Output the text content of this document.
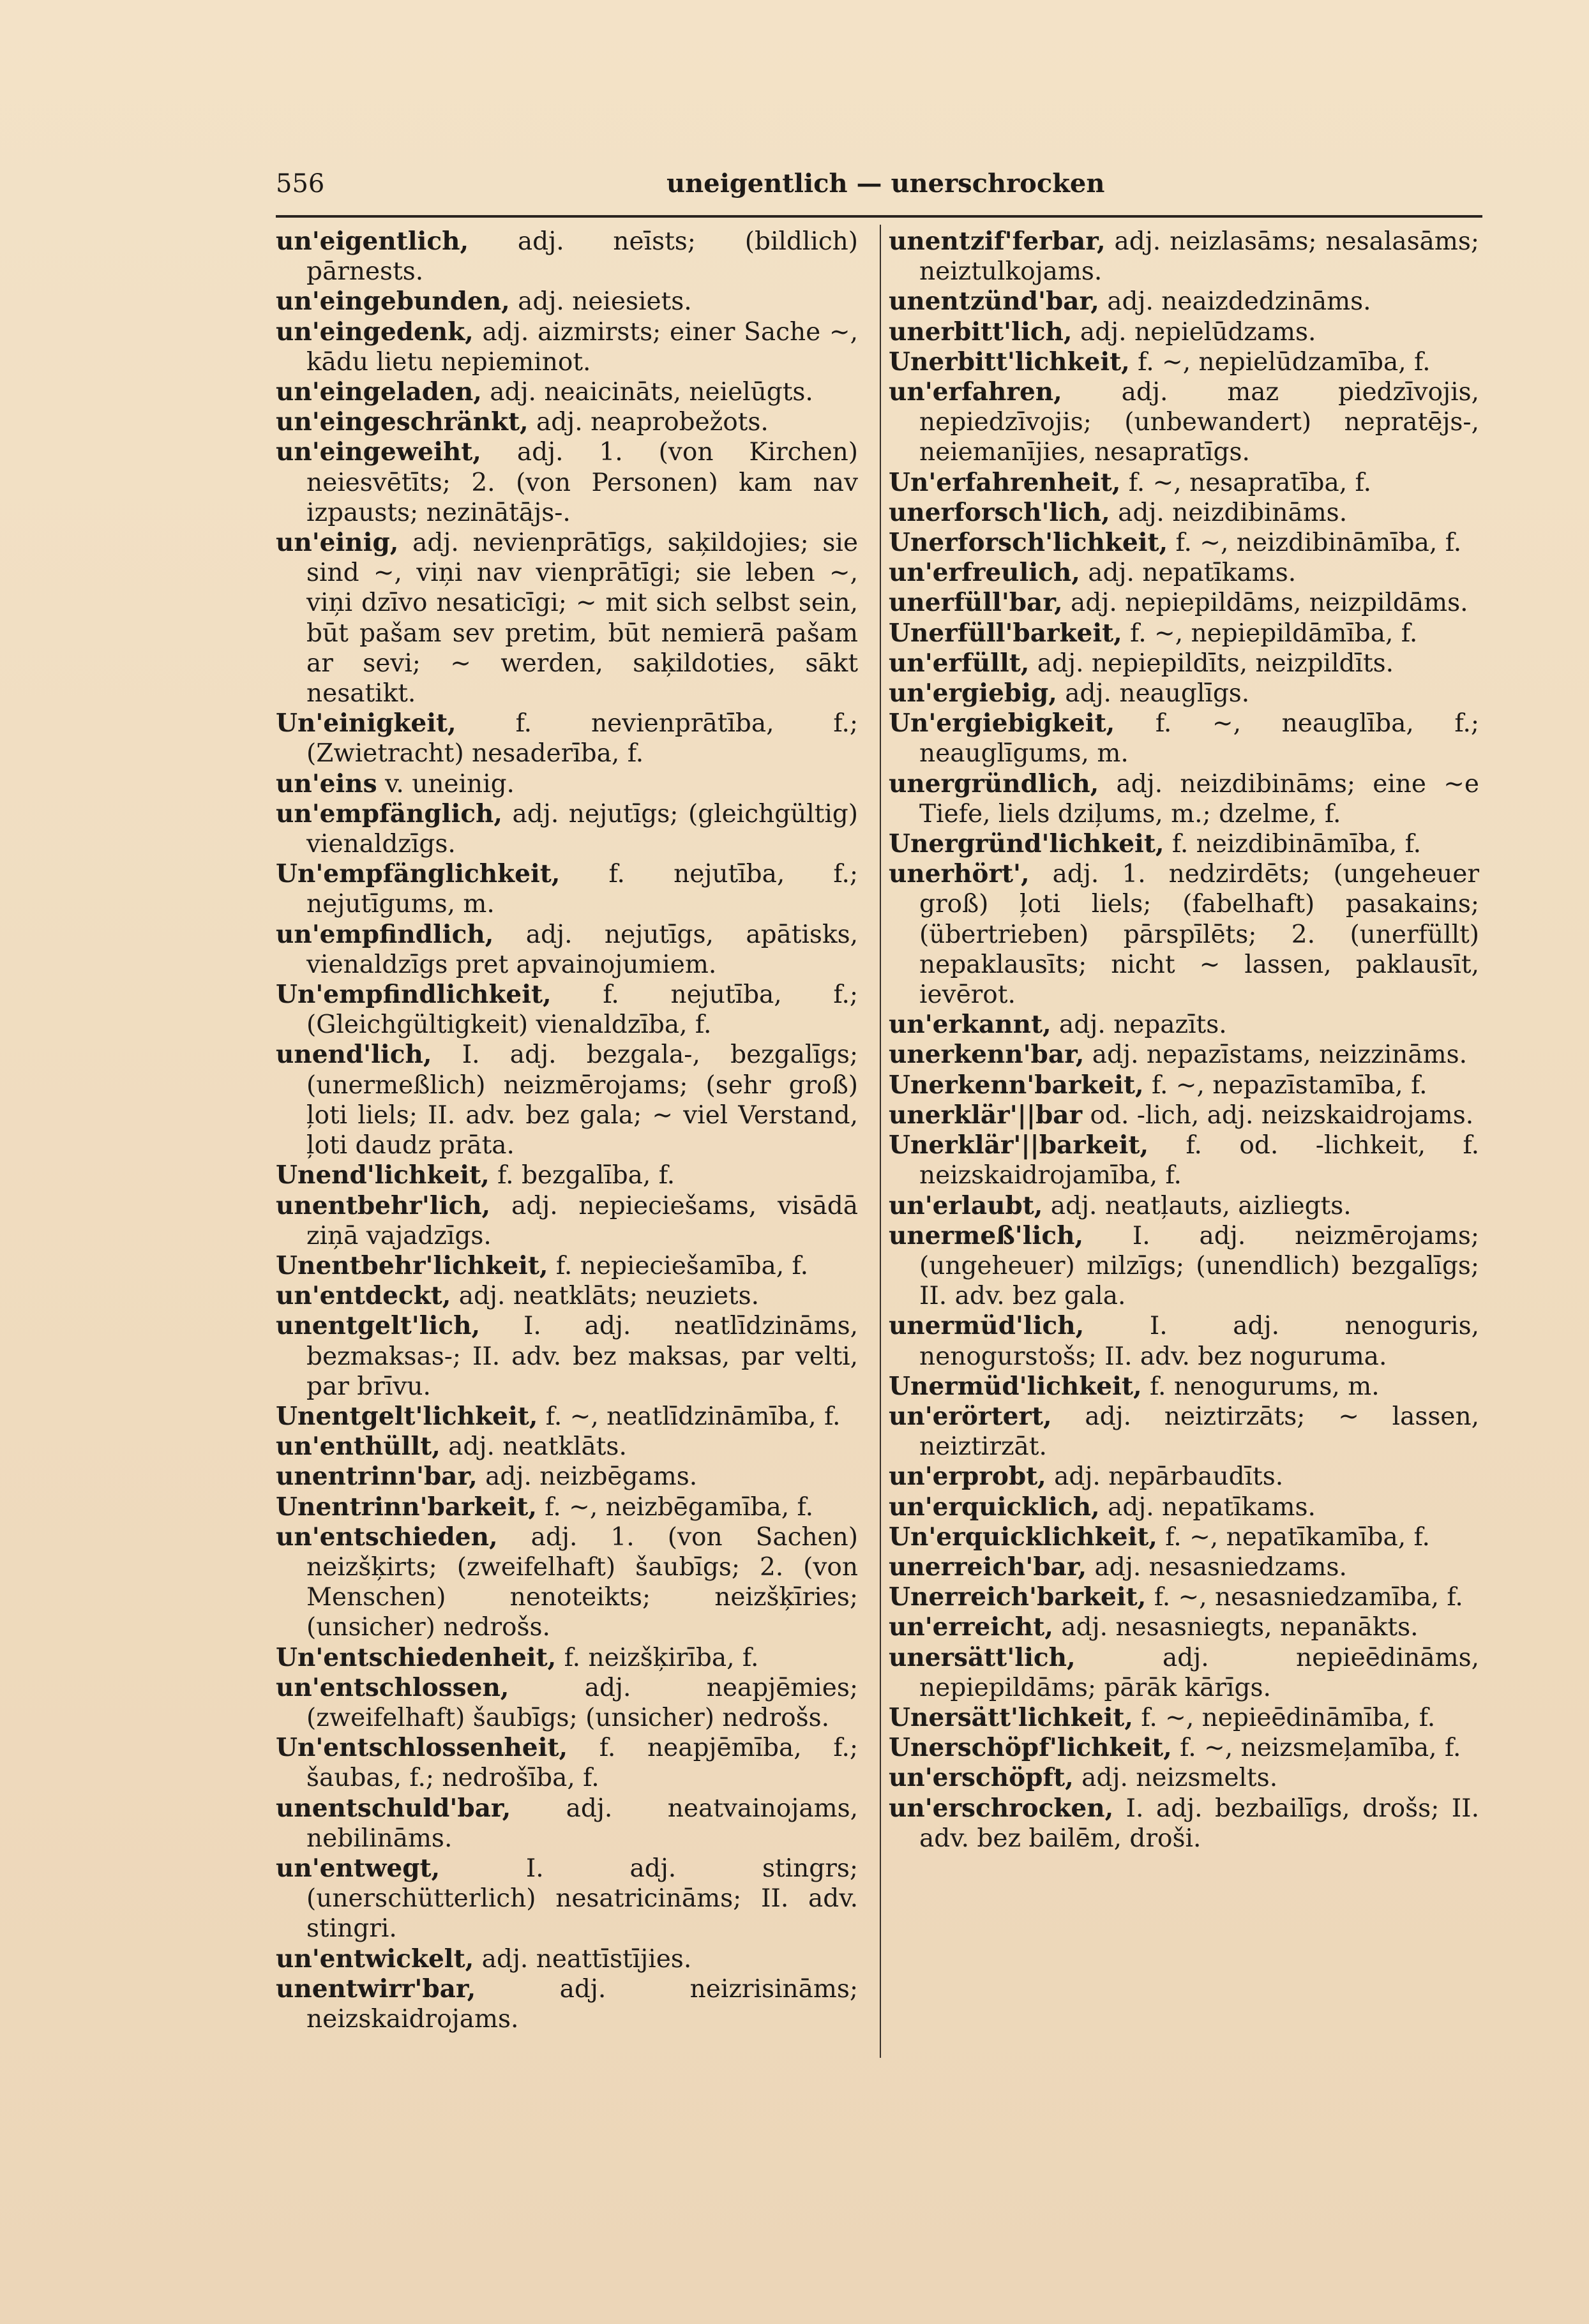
556	uneigentlich — unerschrocken
un'eigentlich, adj. neīsts; (bildlich) pārnests.
un'eingebunden, adj. neiesiets.
un'eingedenk, adj. aizmirsts; einer Sache ~, kādu lietu nepieminot.
un'eingeladen, adj. neaicināts, neielūgts.
un'eingeschränkt, adj. neaprobežots.
un'eingeweiht, adj. 1. (von Kirchen) neiesvētīts; 2. (von Personen) kam nav izpausts; nezinātājs-.
un'einig, adj. nevienprātīgs, saķildojies; sie sind ~, viņi nav vienprātīgi; sie leben ~, viņi dzīvo nesaticīgi; ~ mit sich selbst sein, būt pašam sev pretim, būt nemierā pašam ar sevi; ~ werden, saķildoties, sākt nesatikt.
Un'einigkeit, f. nevienprātība, f.; (Zwietracht) nesaderība, f.
un'eins v. uneinig.
un'empfänglich, adj. nejutīgs; (gleichgültig) vienaldzīgs.
Un'empfänglichkeit, f. nejutība, f.; nejutīgums, m.
un'empfindlich, adj. nejutīgs, apātisks, vienaldzīgs pret apvainojumiem.
Un'empfindlichkeit, f. nejutība, f.; (Gleichgültigkeit) vienaldzība, f.
unend'lich, I. adj. bezgala-, bezgalīgs; (unermeßlich) neizmērojams; (sehr groß) ļoti liels; II. adv. bez gala; ~ viel Verstand, ļoti daudz prāta.
Unend'lichkeit, f. bezgalība, f.
unentbehr'lich, adj. nepieciešams, visādā ziņā vajadzīgs.
Unentbehr'lichkeit, f. nepieciešamība, f.
un'entdeckt, adj. neatklāts; neuziets.
unentgelt'lich, I. adj. neatlīdzināms, bezmaksas-; II. adv. bez maksas, par velti, par brīvu.
Unentgelt'lichkeit, f. ~, neatlīdzināmība, f.
un'enthüllt, adj. neatklāts.
unentrinn'bar, adj. neizbēgams.
Unentrinn'barkeit, f. ~, neizbēgamība, f.
un'entschieden, adj. 1. (von Sachen) neizšķirts; (zweifelhaft) šaubīgs; 2. (von Menschen) nenoteikts; neizšķīries; (unsicher) nedrošs.
Un'entschiedenheit, f. neizšķirība, f.
un'entschlossen,	adj. neapjēmies; (zweifelhaft) šaubīgs; (unsicher) nedrošs.
Un'entschlossenheit, f. neapjēmība, f.; šaubas, f.; nedrošība, f.
unentschuld'bar, adj. neatvainojams, nebilināms.
un'entwegt,	I. adj. stingrs; (unerschütterlich) nesatricināms; II. adv. stingri.
un'entwickelt, adj. neattīstījies.
unentwirr'bar,	adj. neizrisināms; neizskaidrojams.
unentzif'ferbar, adj. neizlasāms; nesalasāms; neiztulkojams.
unentzünd'bar, adj. neaizdedzināms.
unerbitt'lich, adj. nepielūdzams.
Unerbitt'lichkeit, f. ~, nepielūdzamība, f.
un'erfahren, adj. maz piedzīvojis, nepiedzīvojis; (unbewandert) nepratējs-, neiemanījies, nesapratīgs.
Un'erfahrenheit, f. ~, nesapratība, f.
unerforsch'lich, adj. neizdibināms.
Unerforsch'lichkeit, f. ~, neizdibināmība, f.
un'erfreulich, adj. nepatīkams.
unerfüll'bar, adj. nepiepildāms, neizpildāms.
Unerfüll'barkeit, f. ~, nepiepildāmība, f.
un'erfüllt, adj. nepiepildīts, neizpildīts.
un'ergiebig, adj. neauglīgs.
Un'ergiebigkeit, f. ~, neauglība, f.; neauglīgums, m.
unergründlich, adj. neizdibināms; eine ~e Tiefe, liels dziļums, m.; dzelme, f.
Unergründ'lichkeit, f. neizdibināmība, f.
unerhört', adj. 1. nedzirdēts; (ungeheuer groß) ļoti liels; (fabelhaft) pasakains; (übertrieben) pārspīlēts; 2. (unerfüllt) nepaklausīts; nicht ~ lassen, paklausīt, ievērot.
un'erkannt, adj. nepazīts.
unerkenn'bar, adj. nepazīstams, neizzināms.
Unerkenn'barkeit, f. ~, nepazīstamība, f.
unerklär'||bar od. -lich, adj. neizskaidrojams.
Unerklär'||barkeit, f. od. -lichkeit, f. neizskaidrojamība, f.
un'erlaubt, adj. neatļauts, aizliegts.
unermeß'lich, I. adj. neizmērojams; (ungeheuer) milzīgs; (unendlich) bezgalīgs; II. adv. bez gala.
unermüd'lich,	I. adj. nenoguris, nenogurstošs; II. adv. bez noguruma.
Unermüd'lichkeit, f. nenogurums, m.
un'erörtert, adj. neiztirzāts; ~ lassen, neiztirzāt.
un'erprobt, adj. nepārbaudīts.
un'erquicklich, adj. nepatīkams.
Un'erquicklichkeit, f. ~, nepatīkamība, f.
unerreich'bar, adj. nesasniedzams.
Unerreich'barkeit, f. ~, nesasniedzamība, f.
un'erreicht, adj. nesasniegts, nepanākts.
unersätt'lich,	adj. nepieēdināms, nepiepildāms; pārāk kārīgs.
Unersätt'lichkeit, f. ~, nepieēdināmība, f.
Unerschöpf'lichkeit, f. ~, neizsmeļamība, f.
un'erschöpft, adj. neizsmelts.
un'erschrocken, I. adj. bezbailīgs, drošs; II. adv. bez bailēm, droši.
